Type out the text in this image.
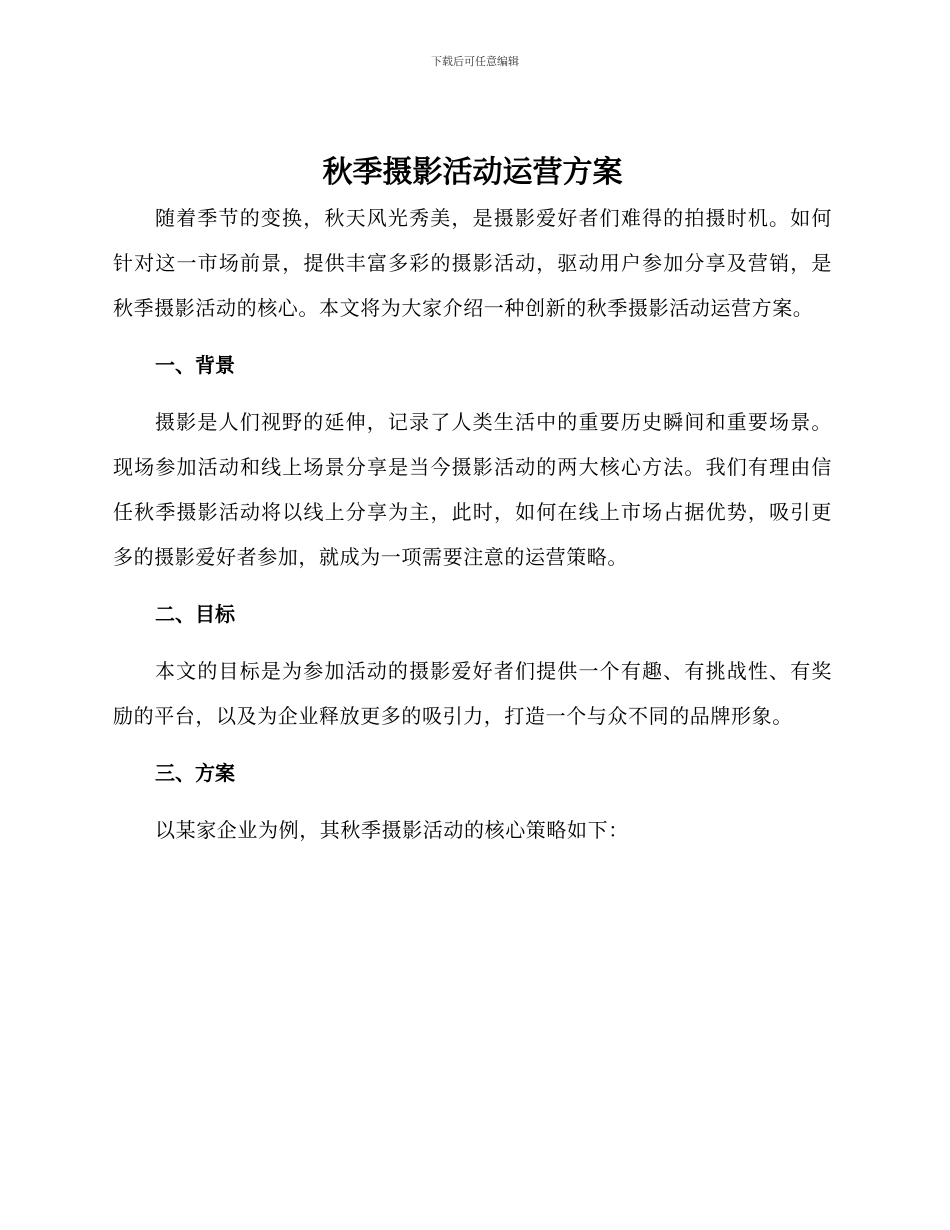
下载后可任意编辑
秋季摄影活动运营方案

随着季节的变换，秋天风光秀美，是摄影爱好者们难得的拍摄时机。如何针对这一市场前景，提供丰富多彩的摄影活动，驱动用户参加分享及营销，是秋季摄影活动的核心。本文将为大家介绍一种创新的秋季摄影活动运营方案。

一、背景

摄影是人们视野的延伸，记录了人类生活中的重要历史瞬间和重要场景。现场参加活动和线上场景分享是当今摄影活动的两大核心方法。我们有理由信任秋季摄影活动将以线上分享为主，此时，如何在线上市场占据优势，吸引更多的摄影爱好者参加，就成为一项需要注意的运营策略。

二、目标

本文的目标是为参加活动的摄影爱好者们提供一个有趣、有挑战性、有奖励的平台，以及为企业释放更多的吸引力，打造一个与众不同的品牌形象。

三、方案

以某家企业为例，其秋季摄影活动的核心策略如下：
